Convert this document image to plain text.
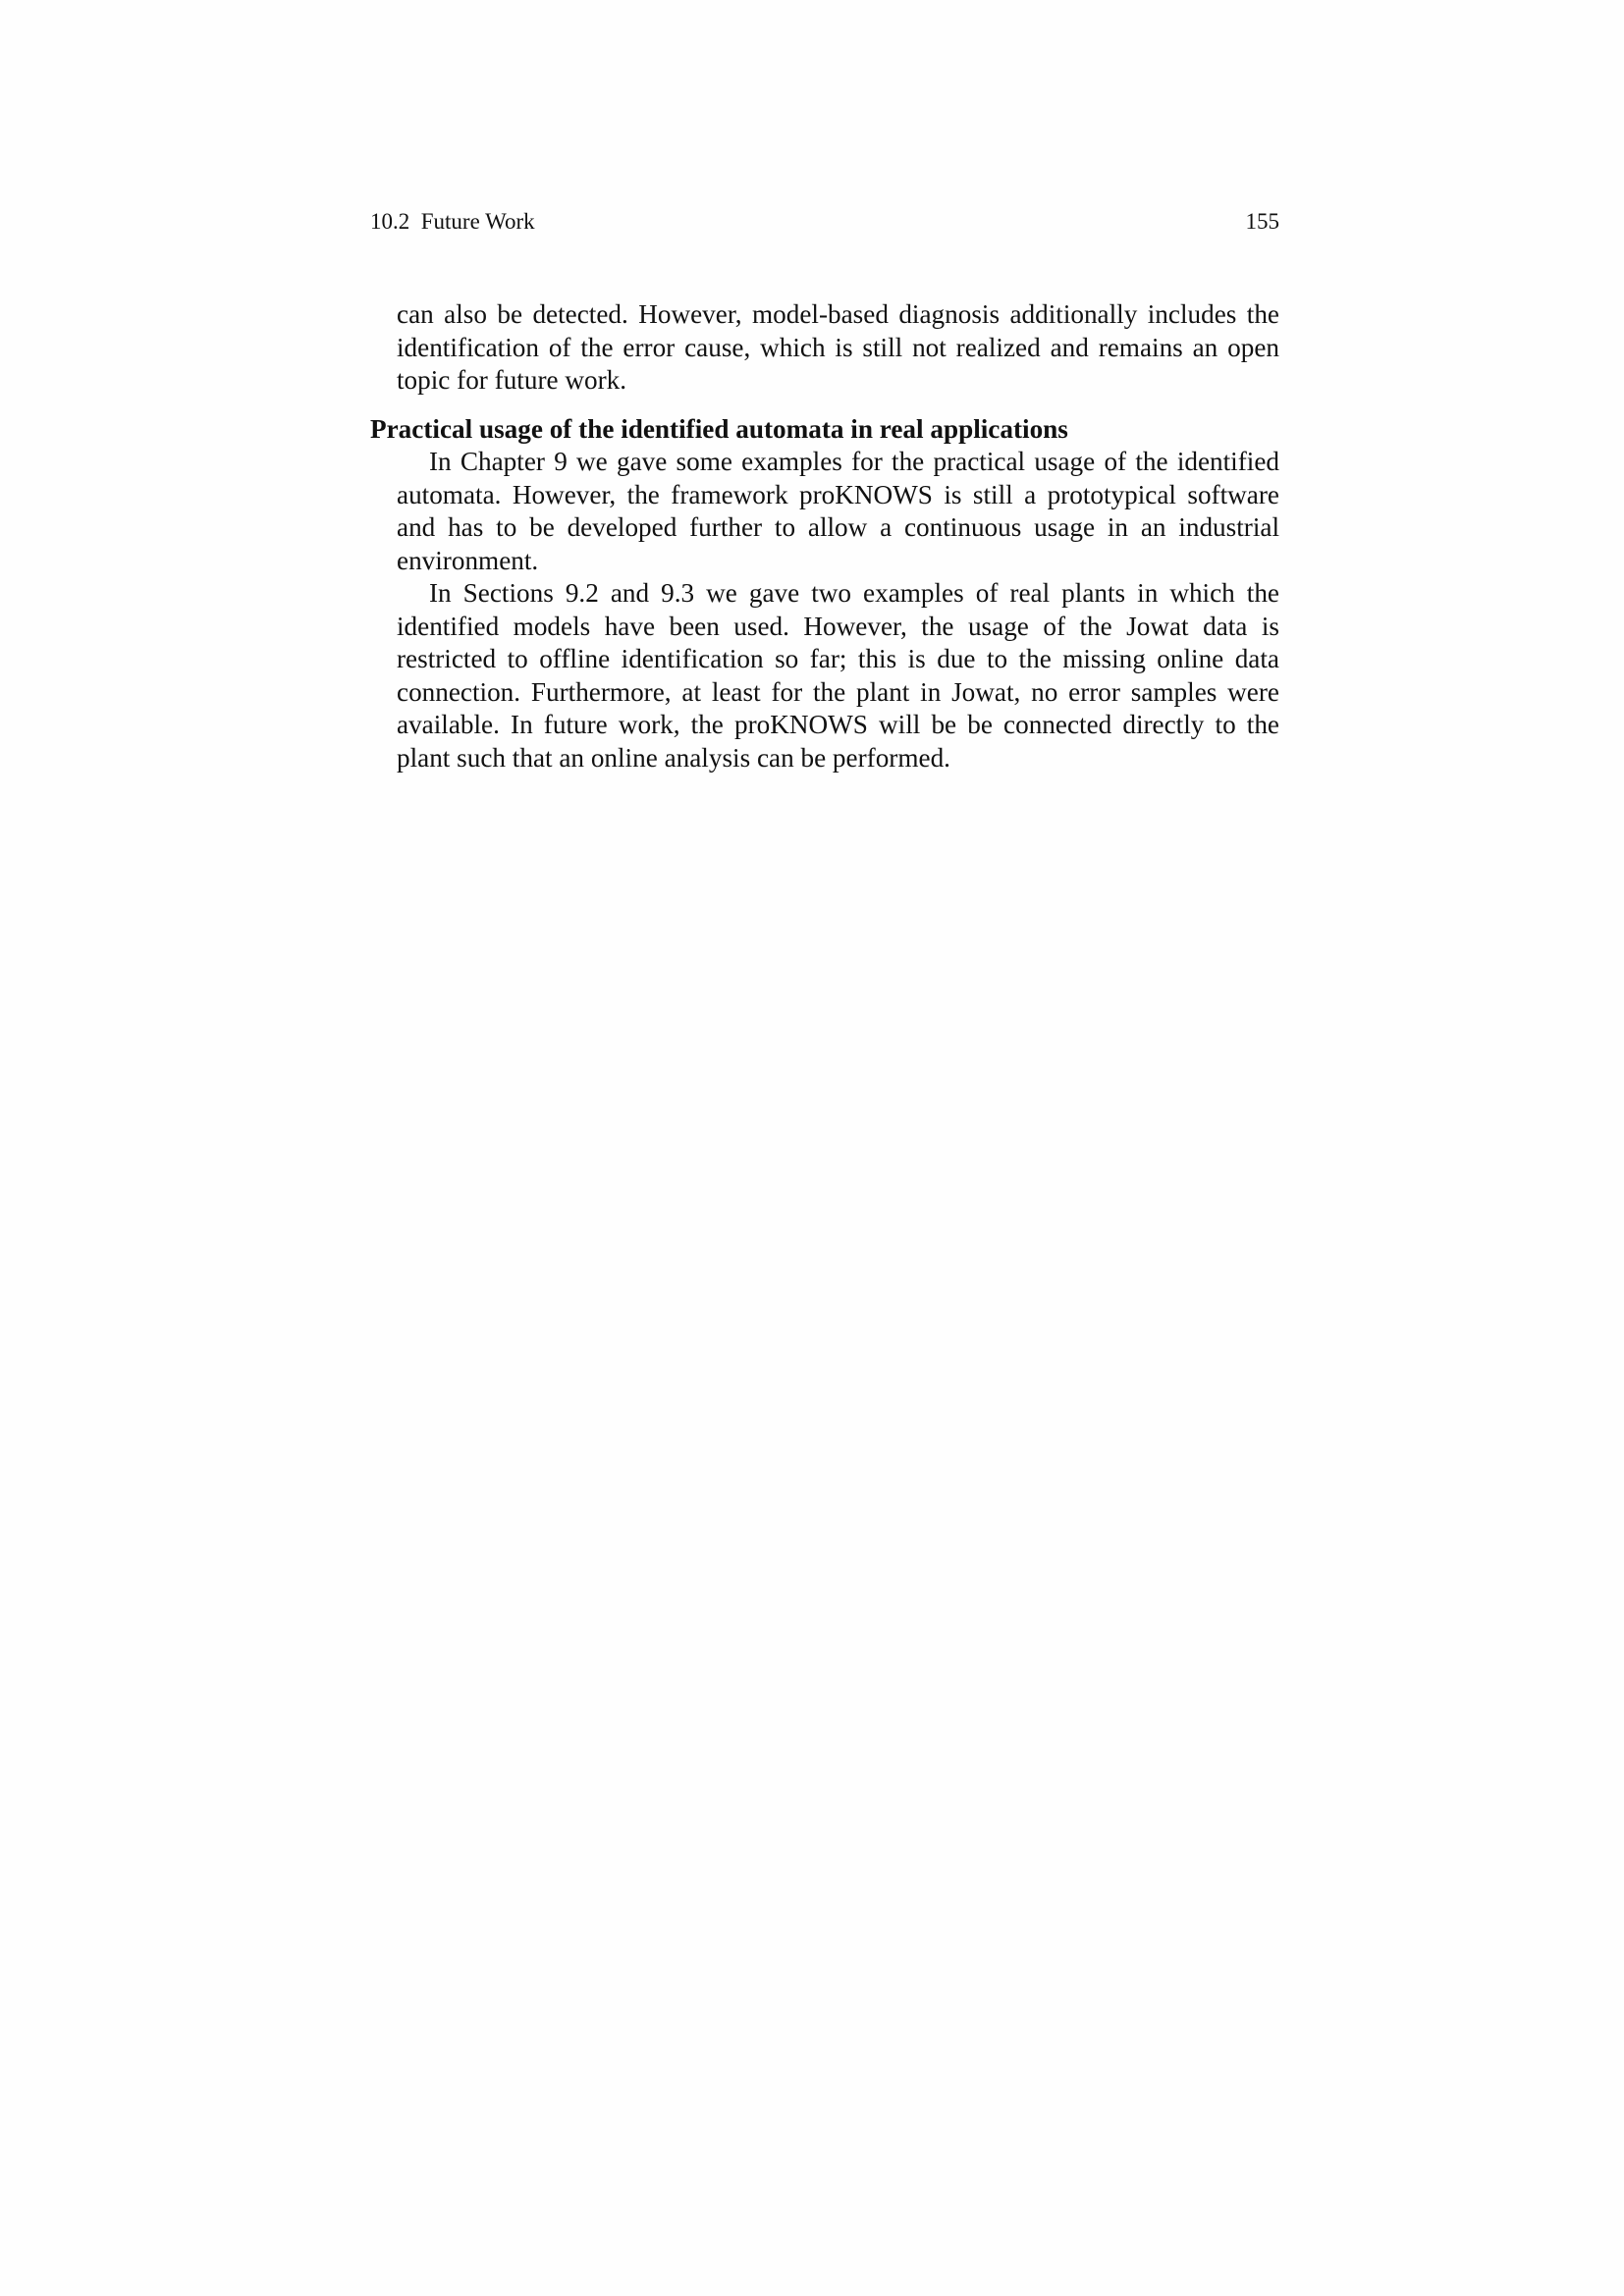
10.2  Future Work	155

can also be detected. However, model-based diagnosis additionally includes the identification of the error cause, which is still not realized and remains an open topic for future work.

Practical usage of the identified automata in real applications

In Chapter 9 we gave some examples for the practical usage of the identified automata. However, the framework proKNOWS is still a prototypical software and has to be developed further to allow a continuous usage in an industrial environment.

In Sections 9.2 and 9.3 we gave two examples of real plants in which the identified models have been used. However, the usage of the Jowat data is restricted to offline identification so far; this is due to the missing online data connection. Furthermore, at least for the plant in Jowat, no error samples were available. In future work, the proKNOWS will be be connected directly to the plant such that an online analysis can be performed.
